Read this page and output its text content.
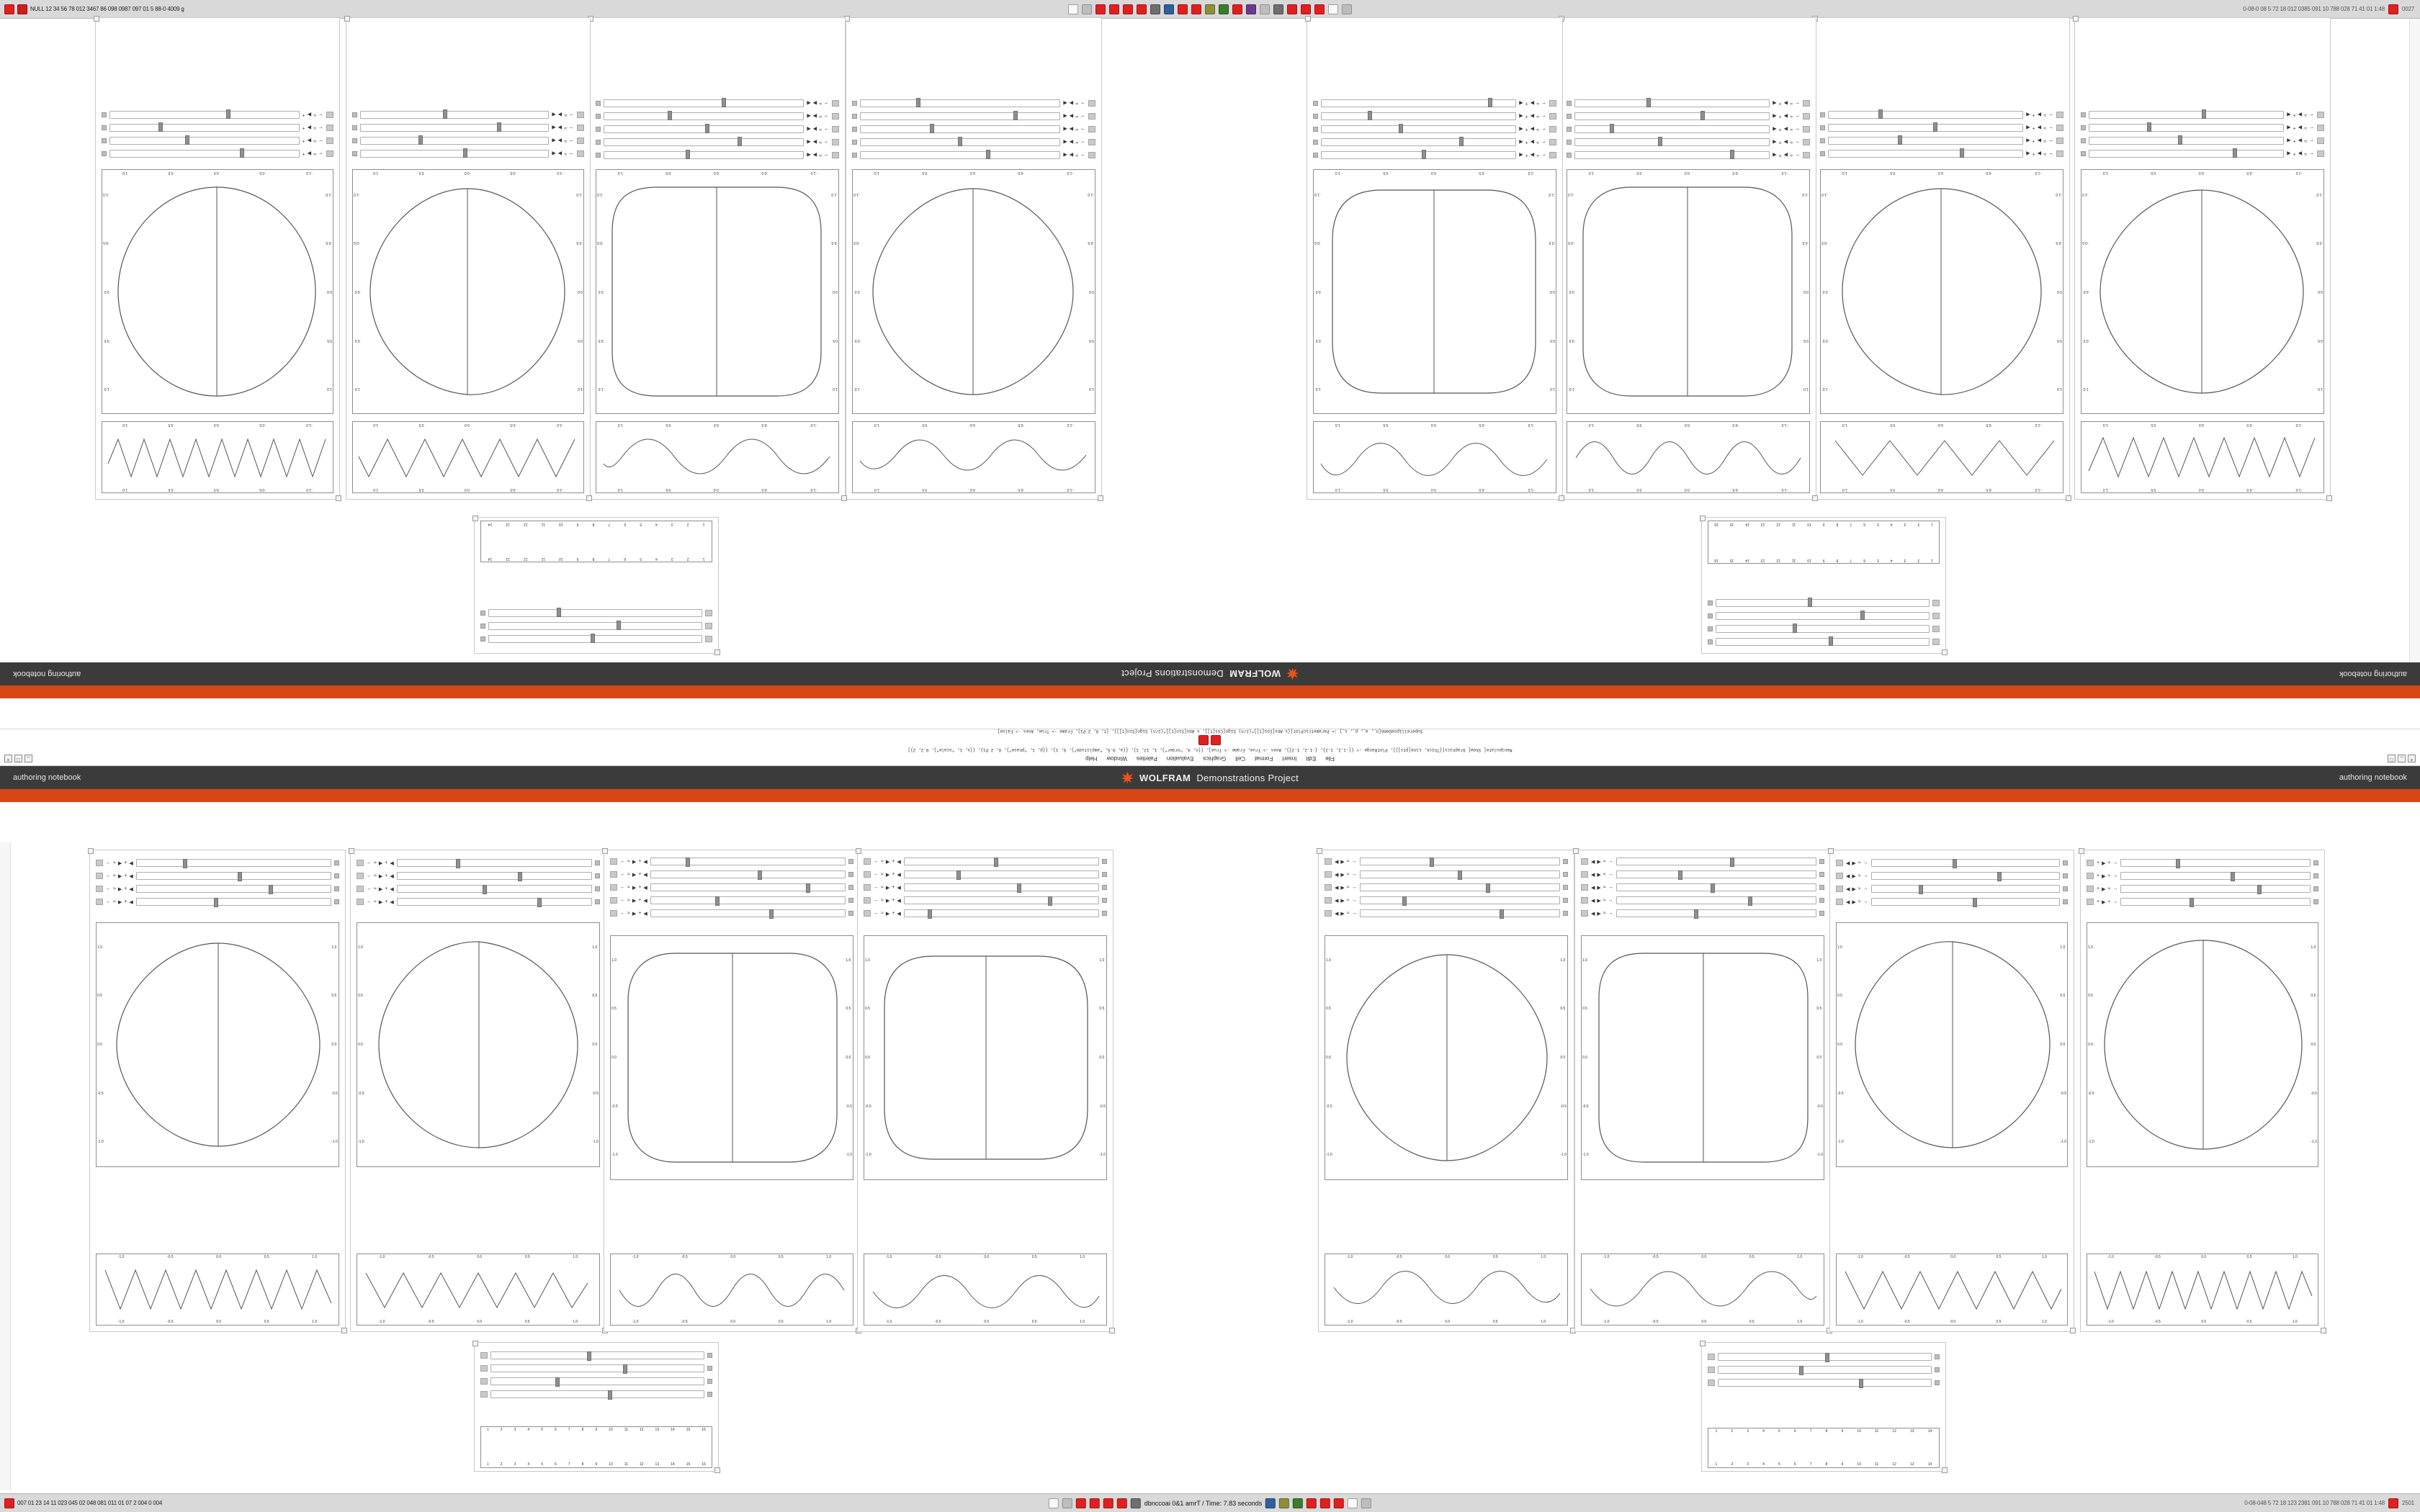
NULL 12 34 56 78 012 3467 86 098 0987 097 01 5 88-0 4009 g	0-08-0 08 5 72 18 012 0385 091 10 788 028 71 41 01 1:48	0027
1
2
3
4
5
6
7
8
9
10
11
12
13
14
15
16
1
2
3
4
5
6
7
8
9
10
11
12
13
14
15
16
1
2
3
4
5
6
7
8
9
10
11
12
13
14
1
2
3
4
5
6
7
8
9
10
11
12
13
14
-1.0
-0.5
0.0
0.5
1.0
-1.0
-0.5
0.0
0.5
1.0
1.0
0.5
0.0
-0.5
-1.0
1.0
0.5
0.0
-0.5
-1.0
-1.0
-0.5
0.0
0.5
1.0
←
≈
▶
+
◀
←
≈
▶
+
◀
←
≈
▶
+
◀
←
≈
▶
+
◀
-1.0
-0.5
0.0
0.5
1.0
-1.0
-0.5
0.0
0.5
1.0
1.0
0.5
0.0
-0.5
-1.0
1.0
0.5
0.0
-0.5
-1.0
-1.0
-0.5
0.0
0.5
1.0
←
≈
▶
+
◀
←
≈
▶
+
◀
←
≈
▶
+
◀
←
≈
▶
+
◀
-1.0
-0.5
0.0
0.5
1.0
-1.0
-0.5
0.0
0.5
1.0
1.0
0.5
0.0
-0.5
-1.0
1.0
0.5
0.0
-0.5
-1.0
-1.0
-0.5
0.0
0.5
1.0
←
≈
▶
+
◀
←
≈
▶
+
◀
←
≈
▶
+
◀
←
≈
▶
+
◀
←
≈
▶
+
◀
-1.0
-0.5
0.0
0.5
1.0
-1.0
-0.5
0.0
0.5
1.0
1.0
0.5
0.0
-0.5
-1.0
1.0
0.5
0.0
-0.5
-1.0
-1.0
-0.5
0.0
0.5
1.0
←
≈
▶
+
◀
←
≈
▶
+
◀
←
≈
▶
+
◀
←
≈
▶
+
◀
←
≈
▶
+
◀
-1.0
-0.5
0.0
0.5
1.0
-1.0
-0.5
0.0
0.5
1.0
1.0
0.5
0.0
-0.5
-1.0
1.0
0.5
0.0
-0.5
-1.0
-1.0
-0.5
0.0
0.5
1.0
→
≈
▶
◀
→
≈
▶
◀
→
≈
▶
◀
→
≈
▶
◀
→
≈
▶
◀
-1.0
-0.5
0.0
0.5
1.0
-1.0
-0.5
0.0
0.5
1.0
1.0
0.5
0.0
-0.5
-1.0
1.0
0.5
0.0
-0.5
-1.0
-1.0
-0.5
0.0
0.5
1.0
→
≈
▶
◀
→
≈
▶
◀
→
≈
▶
◀
→
≈
▶
◀
→
≈
▶
◀
-1.0
-0.5
0.0
0.5
1.0
-1.0
-0.5
0.0
0.5
1.0
1.0
0.5
0.0
-0.5
-1.0
1.0
0.5
0.0
-0.5
-1.0
-1.0
-0.5
0.0
0.5
1.0
→
≈
▶
◀
→
≈
▶
◀
→
≈
▶
◀
→
≈
▶
◀
-1.0
-0.5
0.0
0.5
1.0
-1.0
-0.5
0.0
0.5
1.0
1.0
0.5
0.0
-0.5
-1.0
1.0
0.5
0.0
-0.5
-1.0
-1.0
-0.5
0.0
0.5
1.0
←
≈
▶
+
←
≈
▶
+
←
≈
▶
+
←
≈
▶
+
authoring notebook
WOLFRAM
Demonstrations Project
authoring notebook
×
_
□
_
□
×	File
Edit
Insert
Format
Cell
Graphics
Evaluation
Palettes
Window
Help
Manipulate[ Show[ Graphics[{Thick, Line[pts]}], PlotRange -> {{-1.2, 1.2}, {-1.2, 1.2}}, Axes -> True, Frame -> True], {{n, 4, "order"}, 1, 12, 1}, {{a, 0.5, "amplitude"}, 0, 1}, {{p, 1, "phase"}, 0, 2 Pi}, {{s, 1, "scale"}, 0.2, 2}]
SuperellipseDemo[n_, a_, p_, s_] := ParametricPlot[{s Abs[Cos[t]]^(2/n) Sign[Cos[t]], s Abs[Sin[t]]^(2/n) Sign[Sin[t]]}, {t, 0, 2 Pi}, Frame -> True, Axes -> False]
authoring notebook	WOLFRAM Demonstrations Project	authoring notebook
← ≈ ▶ + ◀
← ≈ ▶ + ◀
← ≈ ▶ + ◀
← ≈ ▶ + ◀
1.0
0.5
0.0
-0.5
-1.0
1.0
0.5
0.0
-0.5
-1.0
-1.0	-0.5	0.0	0.5	1.0
-1.0	-0.5	0.0	0.5	1.0
← ≈ ▶ + ◀
← ≈ ▶ + ◀
← ≈ ▶ + ◀
← ≈ ▶ + ◀
1.0
0.5
0.0
-0.5
-1.0
1.0
0.5
0.0
-0.5
-1.0
-1.0	-0.5	0.0	0.5	1.0
-1.0	-0.5	0.0	0.5	1.0
← ≈ ▶ + ◀
← ≈ ▶ + ◀
← ≈ ▶ + ◀
← ≈ ▶ + ◀
← ≈ ▶ + ◀
1.0
0.5
0.0
-0.5
-1.0
1.0
0.5
0.0
-0.5
-1.0
-1.0	-0.5	0.0	0.5	1.0
-1.0	-0.5	0.0	0.5	1.0
← ≈ ▶ + ◀
← ≈ ▶ + ◀
← ≈ ▶ + ◀
← ≈ ▶ + ◀
← ≈ ▶ + ◀
1.0
0.5
0.0
-0.5
-1.0
1.0
0.5
0.0
-0.5
-1.0
-1.0	-0.5	0.0	0.5	1.0
-1.0	-0.5	0.0	0.5	1.0
◀ ▶ ≈ →
◀ ▶ ≈ →
◀ ▶ ≈ →
◀ ▶ ≈ →
◀ ▶ ≈ →
1.0
0.5
0.0
-0.5
-1.0
1.0
0.5
0.0
-0.5
-1.0
-1.0	-0.5	0.0	0.5	1.0
-1.0	-0.5	0.0	0.5	1.0
◀ ▶ ≈ →
◀ ▶ ≈ →
◀ ▶ ≈ →
◀ ▶ ≈ →
◀ ▶ ≈ →
1.0
0.5
0.0
-0.5
-1.0
1.0
0.5
0.0
-0.5
-1.0
-1.0	-0.5	0.0	0.5	1.0
-1.0	-0.5	0.0	0.5	1.0
◀ ▶ ≈ →
◀ ▶ ≈ →
◀ ▶ ≈ →
◀ ▶ ≈ →
1.0
0.5
0.0
-0.5
-1.0
1.0
0.5
0.0
-0.5
-1.0
-1.0	-0.5	0.0	0.5	1.0
-1.0	-0.5	0.0	0.5	1.0
+ ▶ ≈ →
+ ▶ ≈ →
+ ▶ ≈ →
+ ▶ ≈ →
1.0
0.5
0.0
-0.5
-1.0
1.0
0.5
0.0
-0.5
-1.0
-1.0	-0.5	0.0	0.5	1.0
-1.0	-0.5	0.0	0.5	1.0
1	2	3	4	5	6	7	8	9	10	11	12	13	14	15	16
1	2	3	4	5	6	7	8	9	10	11	12	13	14	15	16
1	2	3	4	5	6	7	8	9	10	11	12	13	14
1	2	3	4	5	6	7	8	9	10	11	12	13	14
007 01 23 14 11 023 045 02 048 081 011 01 07 2 004 0 004	dbnccoai 0&1 amrT / Time: 7.83 seconds	0-08-048 5 72 18 123 2381 091 10 788 028 71 41 01 1:48	2501
